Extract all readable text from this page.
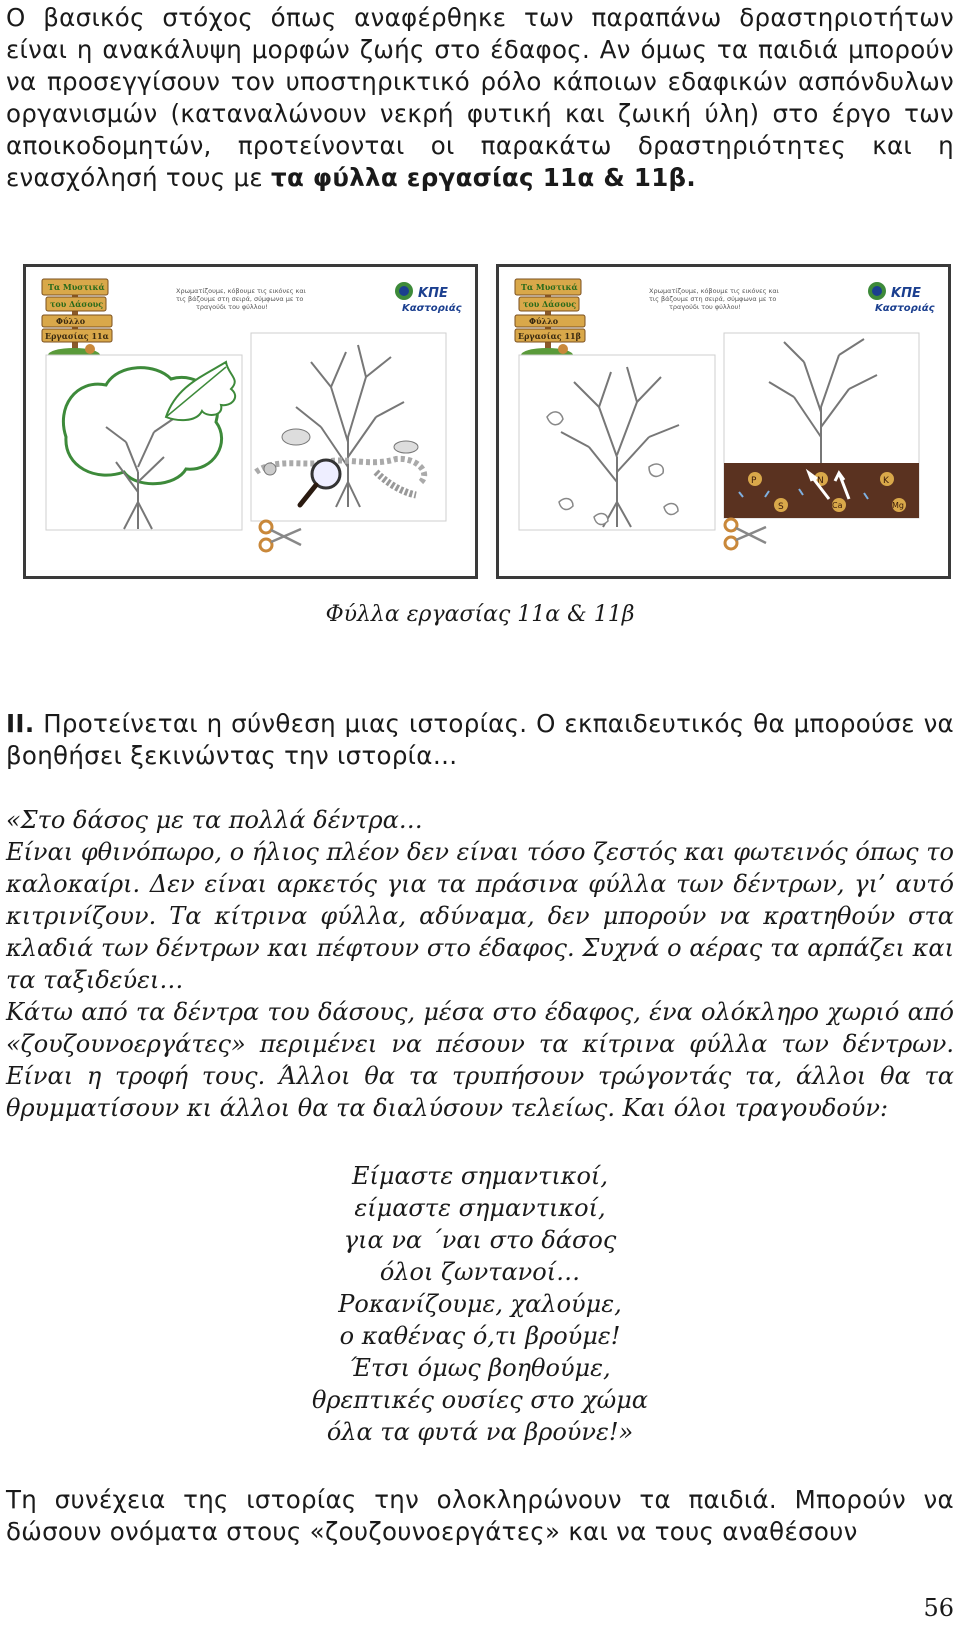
Ο βασικός στόχος όπως αναφέρθηκε των παραπάνω δραστηριοτήτων είναι η ανακάλυψη μορφών ζωής στο έδαφος. Αν όμως τα παιδιά μπορούν να προσεγγίσουν τον υποστηρικτικό ρόλο κάποιων εδαφικών ασπόνδυλων οργανισμών (καταναλώνουν νεκρή φυτική και ζωική ύλη) στο έργο των αποικοδομητών, προτείνονται οι παρακάτω δραστηριότητες και η ενασχόλησή τους με τα φύλλα εργασίας 11α & 11β.
Τα Μυστικά
του Δάσους
Φύλλο
Εργασίας 11α
Χρωματίζουμε, κόβουμε τις εικόνες και
τις βάζουμε στη σειρά, σύμφωνα με το
τραγούδι του φύλλου!
ΚΠΕ
Καστοριάς
Τα Μυστικά
του Δάσους
Φύλλο
Εργασίας 11β
Χρωματίζουμε, κόβουμε τις εικόνες και
τις βάζουμε στη σειρά, σύμφωνα με το
τραγούδι του φύλλου!
ΚΠΕ
Καστοριάς
P	N	K
S	Ca	Mg
Φύλλα εργασίας 11α & 11β
ΙΙ. Προτείνεται η σύνθεση μιας ιστορίας. Ο εκπαιδευτικός θα μπορούσε να βοηθήσει ξεκινώντας την ιστορία…
«Στο δάσος με τα πολλά δέντρα…
Είναι φθινόπωρο, ο ήλιος πλέον δεν είναι τόσο ζεστός και φωτεινός όπως το καλοκαίρι. Δεν είναι αρκετός για τα πράσινα φύλλα των δέντρων, γι’ αυτό κιτρινίζουν. Τα κίτρινα φύλλα, αδύναμα, δεν μπορούν να κρατηθούν στα κλαδιά των δέντρων και πέφτουν στο έδαφος. Συχνά ο αέρας τα αρπάζει και τα ταξιδεύει…
Κάτω από τα δέντρα του δάσους, μέσα στο έδαφος, ένα ολόκληρο χωριό από «ζουζουνοεργάτες» περιμένει να πέσουν τα κίτρινα φύλλα των δέντρων. Είναι η τροφή τους. Άλλοι θα τα τρυπήσουν τρώγοντάς τα, άλλοι θα τα θρυμματίσουν κι άλλοι θα τα διαλύσουν τελείως. Και όλοι τραγουδούν:
Είμαστε σημαντικοί,
είμαστε σημαντικοί,
για να ΄ναι στο δάσος
όλοι ζωντανοί…
Ροκανίζουμε, χαλούμε,
ο καθένας ό,τι βρούμε!
Έτσι όμως βοηθούμε,
θρεπτικές ουσίες στο χώμα
όλα τα φυτά να βρούνε!»
Τη συνέχεια της ιστορίας την ολοκληρώνουν τα παιδιά. Μπορούν να δώσουν ονόματα στους «ζουζουνοεργάτες» και να τους αναθέσουν
56
